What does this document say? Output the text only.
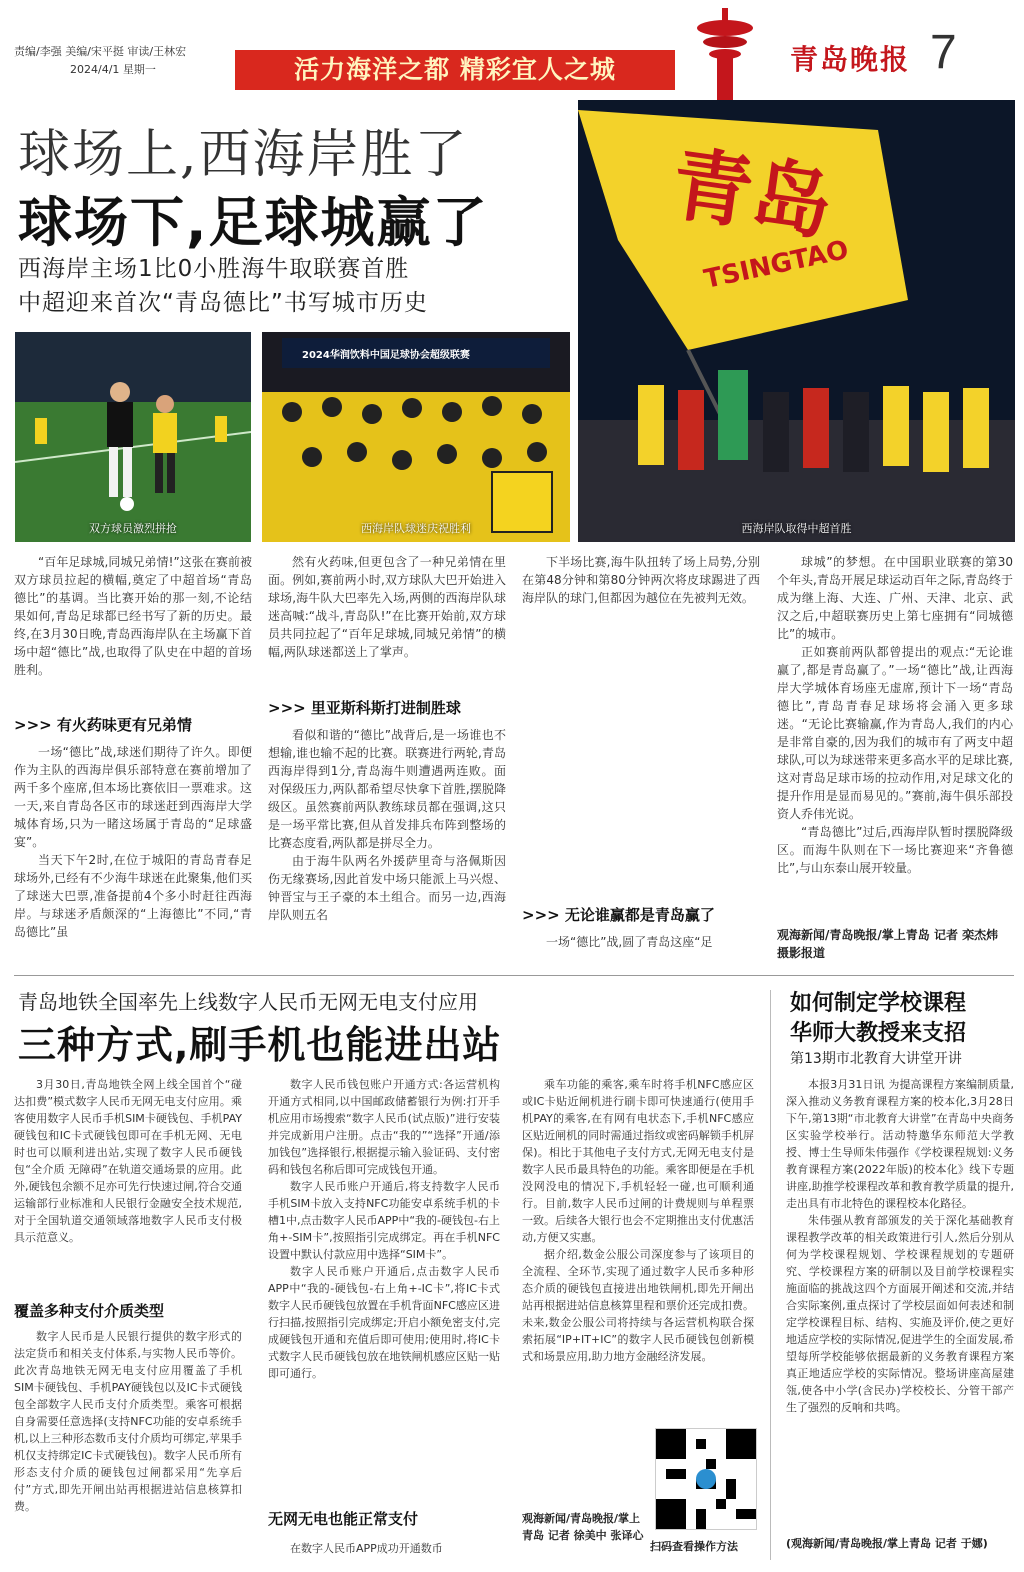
责编/李强 美编/宋平挺 审读/王林宏
2024/4/1 星期一	活力海洋之都 精彩宜人之城	青岛晚报 7
球场上,西海岸胜了
球场下,足球城赢了
西海岸主场1比0小胜海牛取联赛首胜
中超迎来首次“青岛德比”书写城市历史
双方球员激烈拼抢
2024华润饮料中国足球协会超级联赛
西海岸队球迷庆祝胜利
青岛
TSINGTAO
西海岸队取得中超首胜

“百年足球城,同城兄弟情!”这张在赛前被双方球员拉起的横幅,奠定了中超首场“青岛德比”的基调。当比赛开始的那一刻,不论结果如何,青岛足球都已经书写了新的历史。最终,在3月30日晚,青岛西海岸队在主场赢下首场中超“德比”战,也取得了队史在中超的首场胜利。

>>> 有火药味更有兄弟情

一场“德比”战,球迷们期待了许久。即便作为主队的西海岸俱乐部特意在赛前增加了两千多个座席,但本场比赛依旧一票难求。这一天,来自青岛各区市的球迷赶到西海岸大学城体育场,只为一睹这场属于青岛的“足球盛宴”。

当天下午2时,在位于城阳的青岛青春足球场外,已经有不少海牛球迷在此聚集,他们买了球迷大巴票,准备提前4个多小时赶往西海岸。与球迷矛盾颇深的“上海德比”不同,“青岛德比”虽

然有火药味,但更包含了一种兄弟情在里面。例如,赛前两小时,双方球队大巴开始进入球场,海牛队大巴率先入场,两侧的西海岸队球迷高喊:“战斗,青岛队!”在比赛开始前,双方球员共同拉起了“百年足球城,同城兄弟情”的横幅,两队球迷都送上了掌声。

>>> 里亚斯科斯打进制胜球

看似和谐的“德比”战背后,是一场谁也不想输,谁也输不起的比赛。联赛进行两轮,青岛西海岸得到1分,青岛海牛则遭遇两连败。面对保级压力,两队都希望尽快拿下首胜,摆脱降级区。虽然赛前两队教练球员都在强调,这只是一场平常比赛,但从首发排兵布阵到整场的比赛态度看,两队都是拼尽全力。

由于海牛队两名外援萨里奇与洛佩斯因伤无缘赛场,因此首发中场只能派上马兴煜、钟晋宝与王子豪的本土组合。而另一边,西海岸队则五名

下半场比赛,海牛队扭转了场上局势,分别在第48分钟和第80分钟两次将皮球踢进了西海岸队的球门,但都因为越位在先被判无效。

>>> 无论谁赢都是青岛赢了

一场“德比”战,圆了青岛这座“足

球城”的梦想。在中国职业联赛的第30个年头,青岛开展足球运动百年之际,青岛终于成为继上海、大连、广州、天津、北京、武汉之后,中超联赛历史上第七座拥有“同城德比”的城市。

正如赛前两队都曾提出的观点:“无论谁赢了,都是青岛赢了。”一场“德比”战,让西海岸大学城体育场座无虚席,预计下一场“青岛德比”,青岛青春足球场将会涌入更多球迷。“无论比赛输赢,作为青岛人,我们的内心是非常自豪的,因为我们的城市有了两支中超球队,可以为球迷带来更多高水平的足球比赛,这对青岛足球市场的拉动作用,对足球文化的提升作用是显而易见的。”赛前,海牛俱乐部投资人乔伟光说。

“青岛德比”过后,西海岸队暂时摆脱降级区。而海牛队则在下一场比赛迎来“齐鲁德比”,与山东泰山展开较量。

观海新闻/青岛晚报/掌上青岛 记者 栾杰炜 摄影报道
青岛地铁全国率先上线数字人民币无网无电支付应用
三种方式,刷手机也能进出站

3月30日,青岛地铁全网上线全国首个“碰达扣费”模式数字人民币无网无电支付应用。乘客使用数字人民币手机SIM卡硬钱包、手机PAY硬钱包和IC卡式硬钱包即可在手机无网、无电时也可以顺利进出站,实现了数字人民币硬钱包“全介质 无障碍”在轨道交通场景的应用。此外,硬钱包余额不足亦可先行快速过闸,符合交通运输部行业标准和人民银行金融安全技术规范,对于全国轨道交通领域落地数字人民币支付极具示范意义。

覆盖多种支付介质类型

数字人民币是人民银行提供的数字形式的法定货币和相关支付体系,与实物人民币等价。此次青岛地铁无网无电支付应用覆盖了手机SIM卡硬钱包、手机PAY硬钱包以及IC卡式硬钱包全部数字人民币支付介质类型。乘客可根据自身需要任意选择(支持NFC功能的安卓系统手机,以上三种形态数币支付介质均可绑定,苹果手机仅支持绑定IC卡式硬钱包)。数字人民币所有形态支付介质的硬钱包过闸都采用“先享后付”方式,即先开闸出站再根据进站信息核算扣费。

数字人民币钱包账户开通方式:各运营机构开通方式相同,以中国邮政储蓄银行为例:打开手机应用市场搜索“数字人民币(试点版)”进行安装并完成新用户注册。点击“我的”“选择”开通/添加钱包”选择银行,根据提示输入验证码、支付密码和钱包名称后即可完成钱包开通。

数字人民币账户开通后,将支持数字人民币手机SIM卡放入支持NFC功能安卓系统手机的卡槽1中,点击数字人民币APP中“我的-硬钱包-右上角+-SIM卡”,按照指引完成绑定。再在手机NFC设置中默认付款应用中选择“SIM卡”。

数字人民币账户开通后,点击数字人民币APP中“我的-硬钱包-右上角+-IC卡”,将IC卡式数字人民币硬钱包放置在手机背面NFC感应区进行扫描,按照指引完成绑定;开启小额免密支付,完成硬钱包开通和充值后即可使用;使用时,将IC卡式数字人民币硬钱包放在地铁闸机感应区贴一贴即可通行。

无网无电也能正常支付

在数字人民币APP成功开通数币

乘车功能的乘客,乘车时将手机NFC感应区或IC卡贴近闸机进行刷卡即可快速通行(使用手机PAY的乘客,在有网有电状态下,手机NFC感应区贴近闸机的同时需通过指纹或密码解锁手机屏保)。相比于其他电子支付方式,无网无电支付是数字人民币最具特色的功能。乘客即便是在手机没网没电的情况下,手机轻轻一碰,也可顺利通行。目前,数字人民币过闸的计费规则与单程票一致。后续各大银行也会不定期推出支付优惠活动,方便又实惠。

据介绍,数金公服公司深度参与了该项目的全流程、全环节,实现了通过数字人民币多种形态介质的硬钱包直接进出地铁闸机,即先开闸出站再根据进站信息核算里程和票价还完成扣费。未来,数金公服公司将持续与各运营机构联合探索拓展“IP+IT+IC”的数字人民币硬钱包创新模式和场景应用,助力地方金融经济发展。

观海新闻/青岛晚报/掌上青岛 记者 徐美中 张译心
扫码查看操作方法
如何制定学校课程
华师大教授来支招
第13期市北教育大讲堂开讲

本报3月31日讯 为提高课程方案编制质量,深入推动义务教育课程方案的校本化,3月28日下午,第13期“市北教育大讲堂”在青岛中央商务区实验学校举行。活动特邀华东师范大学教授、博士生导师朱伟强作《学校课程规划:义务教育课程方案(2022年版)的校本化》线下专题讲座,助推学校课程改革和教育教学质量的提升,走出具有市北特色的课程校本化路径。

朱伟强从教育部颁发的关于深化基础教育课程教学改革的相关政策进行引人,然后分别从何为学校课程规划、学校课程规划的专题研究、学校课程方案的研制以及目前学校课程实施面临的挑战这四个方面展开阐述和交流,并结合实际案例,重点探讨了学校层面如何表述和制定学校课程目标、结构、实施及评价,使之更好地适应学校的实际情况,促进学生的全面发展,希望每所学校能够依据最新的义务教育课程方案真正地适应学校的实际情况。整场讲座高屋建瓴,使各中小学(含民办)学校校长、分管干部产生了强烈的反响和共鸣。

(观海新闻/青岛晚报/掌上青岛 记者 于娜)
